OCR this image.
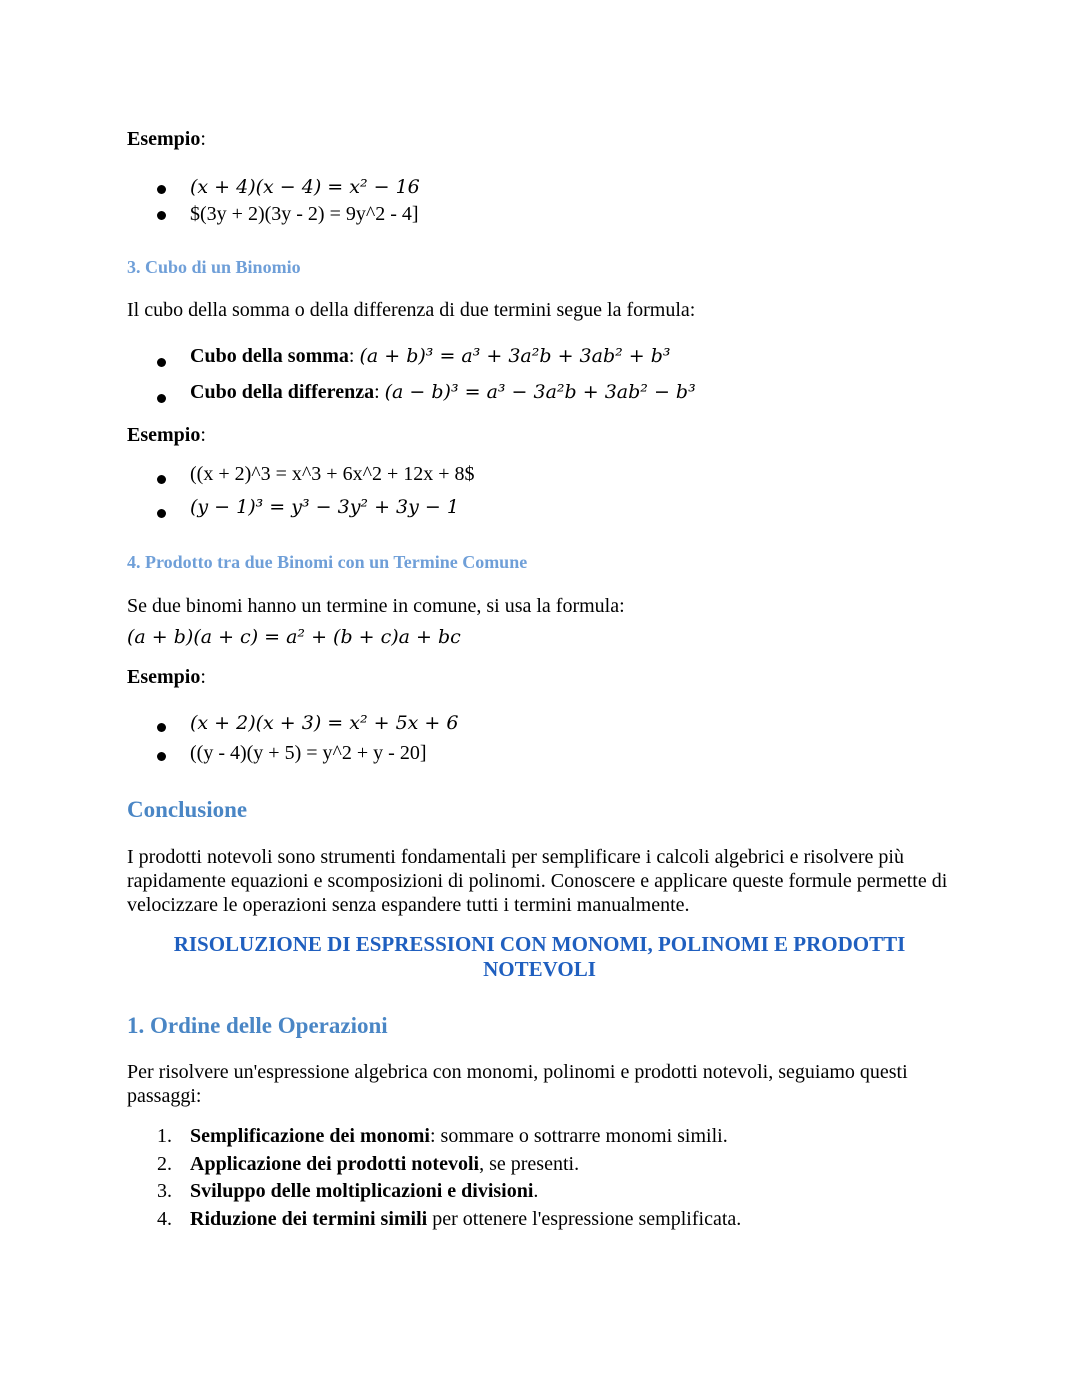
Esempio:
(x + 4)(x − 4) = x² − 16
$(3y + 2)(3y - 2) = 9y^2 - 4]
3. Cubo di un Binomio
Il cubo della somma o della differenza di due termini segue la formula:
Cubo della somma: (a + b)³ = a³ + 3a²b + 3ab² + b³
Cubo della differenza: (a − b)³ = a³ − 3a²b + 3ab² − b³
Esempio:
((x + 2)^3 = x^3 + 6x^2 + 12x + 8$
(y − 1)³ = y³ − 3y² + 3y − 1
4. Prodotto tra due Binomi con un Termine Comune
Se due binomi hanno un termine in comune, si usa la formula:
(a + b)(a + c) = a² + (b + c)a + bc
Esempio:
(x + 2)(x + 3) = x² + 5x + 6
((y - 4)(y + 5) = y^2 + y - 20]
Conclusione
I prodotti notevoli sono strumenti fondamentali per semplificare i calcoli algebrici e risolvere più rapidamente equazioni e scomposizioni di polinomi. Conoscere e applicare queste formule permette di velocizzare le operazioni senza espandere tutti i termini manualmente.
RISOLUZIONE DI ESPRESSIONI CON MONOMI, POLINOMI E PRODOTTI NOTEVOLI
1. Ordine delle Operazioni
Per risolvere un'espressione algebrica con monomi, polinomi e prodotti notevoli, seguiamo questi passaggi:
1. Semplificazione dei monomi: sommare o sottrarre monomi simili.
2. Applicazione dei prodotti notevoli, se presenti.
3. Sviluppo delle moltiplicazioni e divisioni.
4. Riduzione dei termini simili per ottenere l'espressione semplificata.
